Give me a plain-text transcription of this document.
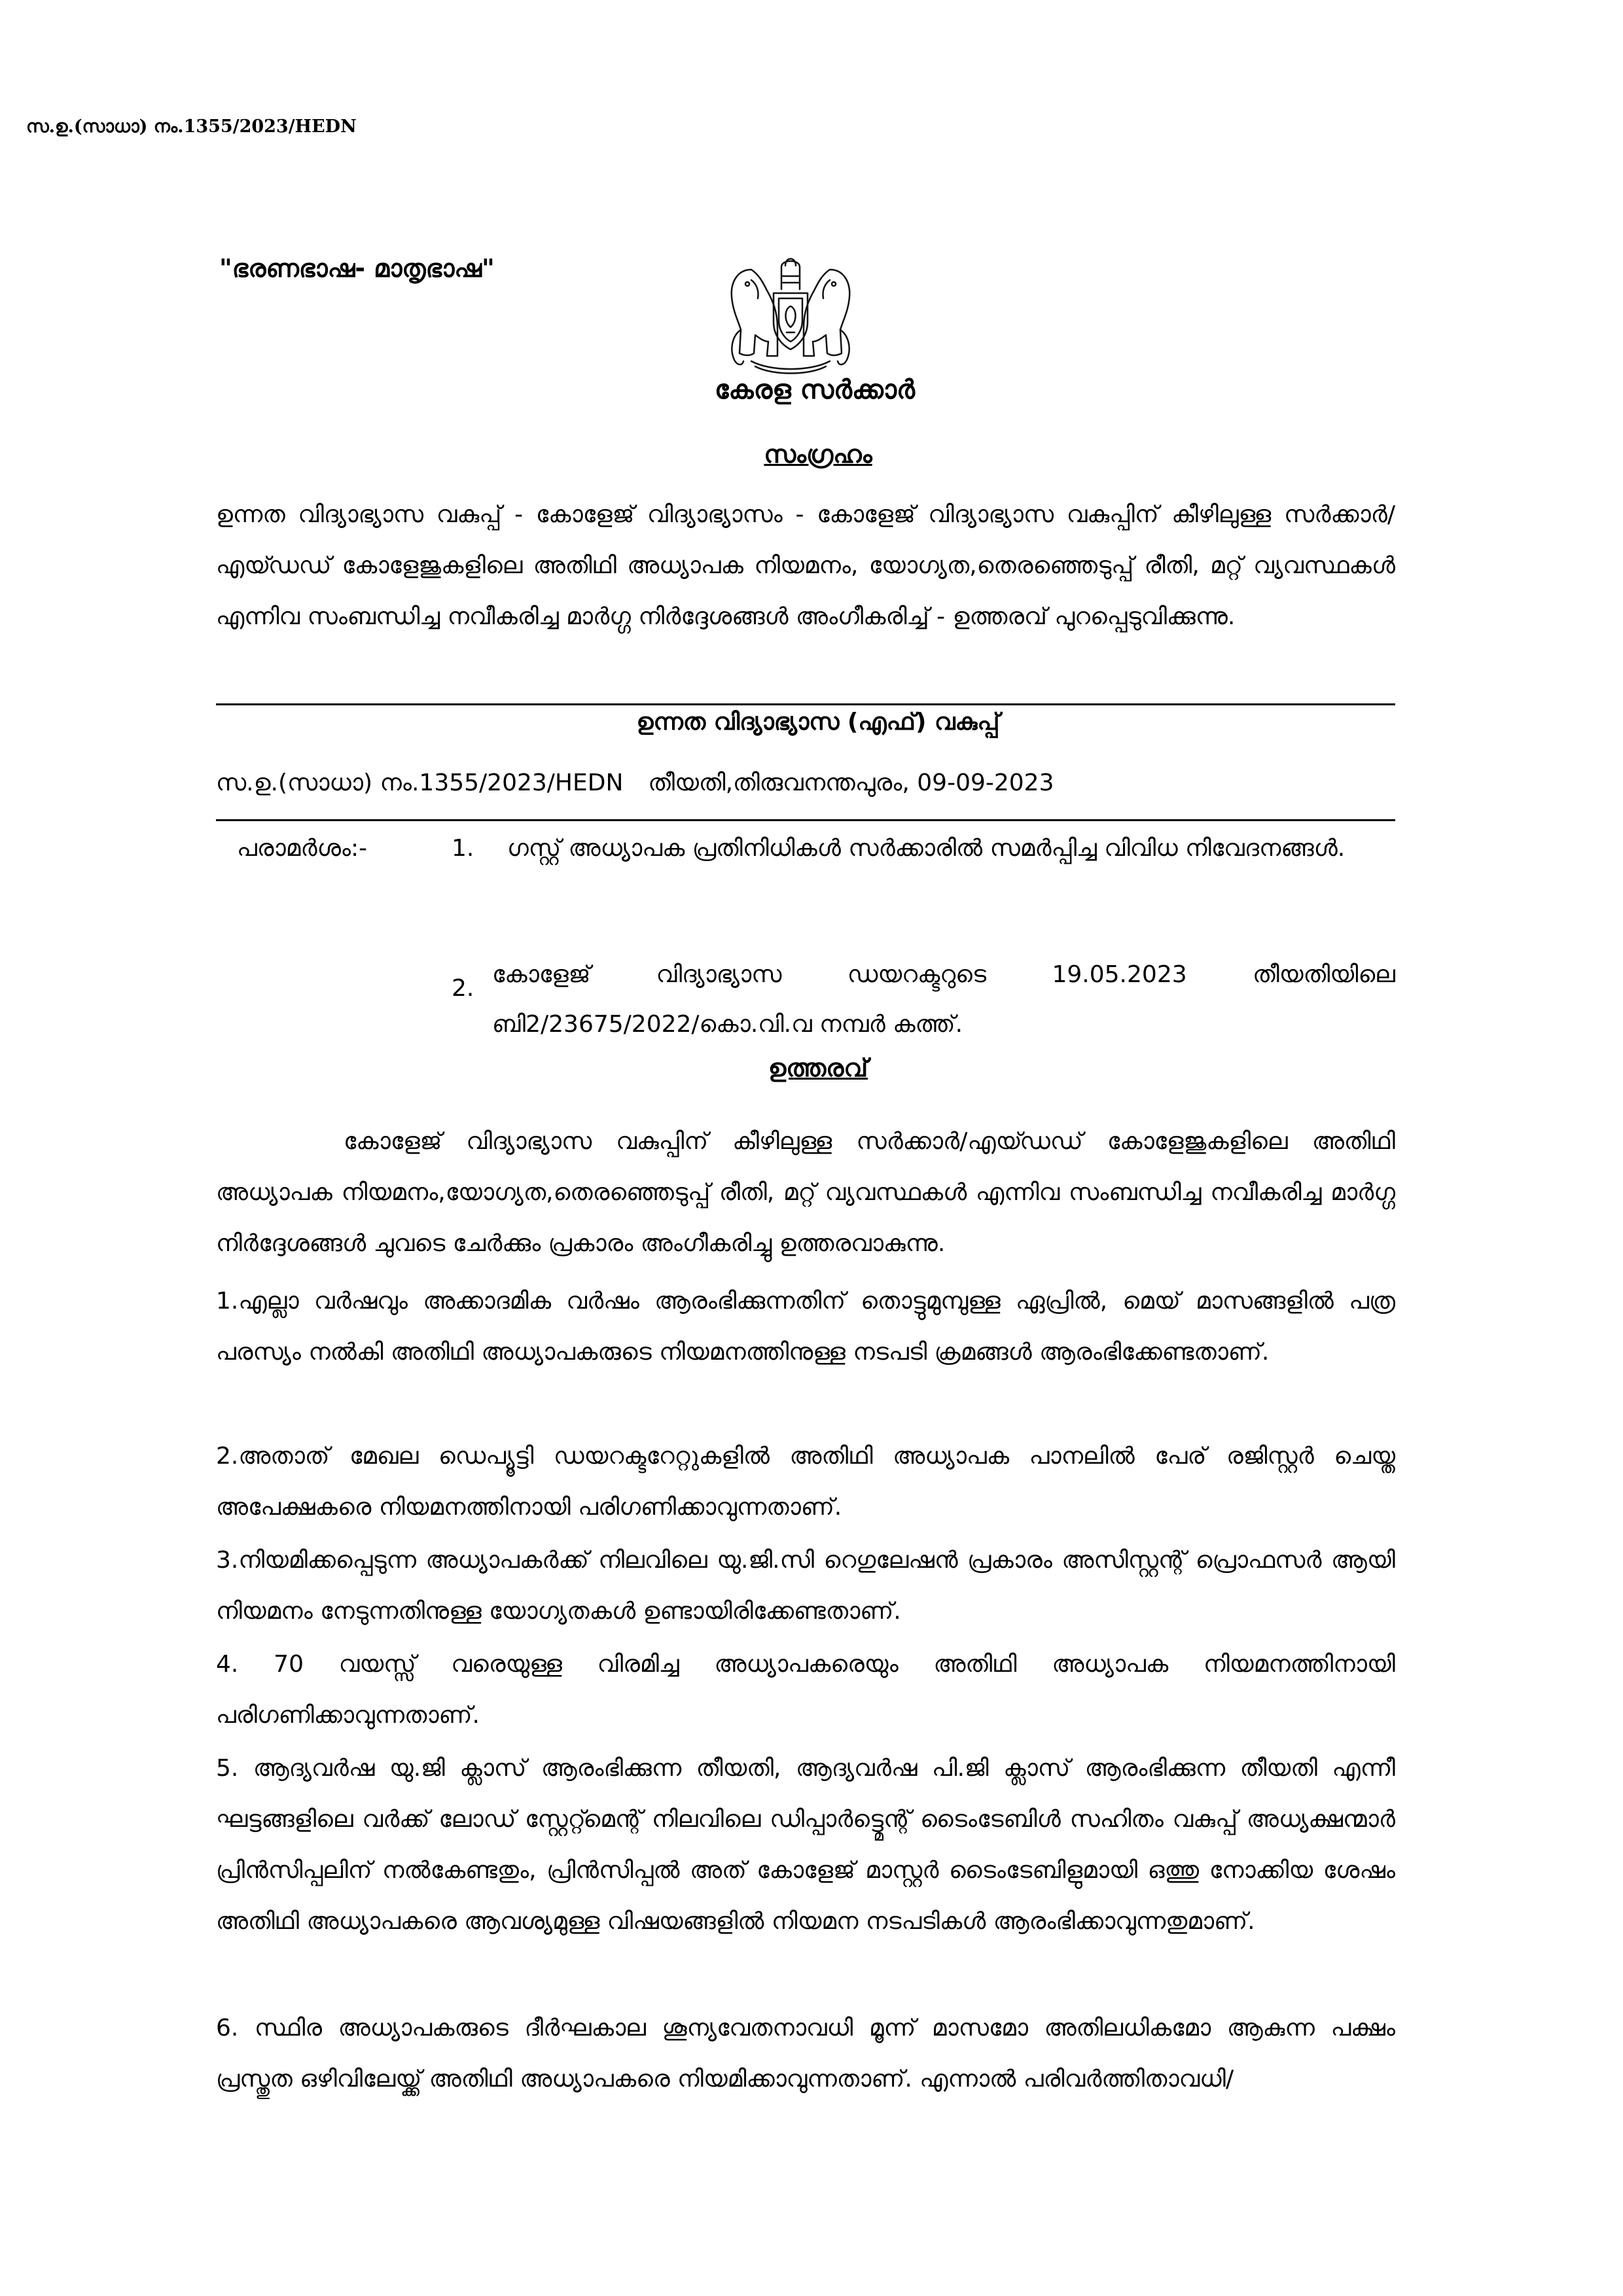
സ.ഉ.(സാധാ) നം.1355/2023/HEDN
"ഭരണഭാഷ- മാതൃഭാഷ"
കേരള സർക്കാർ
സംഗ്രഹം

ഉന്നത വിദ്യാഭ്യാസ വകുപ്പ് - കോളേജ് വിദ്യാഭ്യാസം - കോളേജ് വിദ്യാഭ്യാസ വകുപ്പിന് കീഴിലുള്ള സർക്കാർ/എയ്ഡഡ് കോളേജുകളിലെ അതിഥി അധ്യാപക നിയമനം, യോഗ്യത,തെരഞ്ഞെടുപ്പ് രീതി, മറ്റ് വ്യവസ്ഥകൾ എന്നിവ സംബന്ധിച്ച നവീകരിച്ച മാർഗ്ഗ നിർദ്ദേശങ്ങൾ അംഗീകരിച്ച് - ഉത്തരവ് പുറപ്പെടുവിക്കുന്നു.

ഉന്നത വിദ്യാഭ്യാസ (എഫ്) വകുപ്പ്
സ.ഉ.(സാധാ) നം.1355/2023/HEDN തീയതി,തിരുവനന്തപുരം, 09-09-2023
പരാമർശം:-	1. ഗസ്റ്റ് അധ്യാപക പ്രതിനിധികൾ സർക്കാരിൽ സമർപ്പിച്ച വിവിധ നിവേദനങ്ങൾ.
2.
കോളേജ്	വിദ്യാഭ്യാസ	ഡയറക്ടറുടെ	19.05.2023	തീയതിയിലെ
ബി2/23675/2022/കൊ.വി.വ നമ്പർ കത്ത്.
ഉത്തരവ്

കോളേജ് വിദ്യാഭ്യാസ വകുപ്പിന് കീഴിലുള്ള സർക്കാർ/എയ്ഡഡ് കോളേജുകളിലെ അതിഥി അധ്യാപക നിയമനം,യോഗ്യത,തെരഞ്ഞെടുപ്പ് രീതി, മറ്റ് വ്യവസ്ഥകൾ എന്നിവ സംബന്ധിച്ച നവീകരിച്ച മാർഗ്ഗ നിർദ്ദേശങ്ങൾ ചുവടെ ചേർക്കും പ്രകാരം അംഗീകരിച്ചു ഉത്തരവാകുന്നു.

1.എല്ലാ വർഷവും അക്കാദമിക വർഷം ആരംഭിക്കുന്നതിന് തൊട്ടുമുമ്പുള്ള ഏപ്രിൽ, മെയ് മാസങ്ങളിൽ പത്ര പരസ്യം നൽകി അതിഥി അധ്യാപകരുടെ നിയമനത്തിനുള്ള നടപടി ക്രമങ്ങൾ ആരംഭിക്കേണ്ടതാണ്.

2.അതാത് മേഖല ഡെപ്യൂട്ടി ഡയറക്ടറേറ്റുകളിൽ അതിഥി അധ്യാപക പാനലിൽ പേര് രജിസ്റ്റർ ചെയ്ത അപേക്ഷകരെ നിയമനത്തിനായി പരിഗണിക്കാവുന്നതാണ്.

3.നിയമിക്കപ്പെടുന്ന അധ്യാപകർക്ക് നിലവിലെ യു.ജി.സി റെഗുലേഷൻ പ്രകാരം അസിസ്റ്റന്റ് പ്രൊഫസർ ആയി നിയമനം നേടുന്നതിനുള്ള യോഗ്യതകൾ ഉണ്ടായിരിക്കേണ്ടതാണ്.

4. 70 വയസ്സ് വരെയുള്ള വിരമിച്ച അധ്യാപകരെയും അതിഥി അധ്യാപക നിയമനത്തിനായി പരിഗണിക്കാവുന്നതാണ്.

5. ആദ്യവർഷ യു.ജി ക്ലാസ് ആരംഭിക്കുന്ന തീയതി, ആദ്യവർഷ പി.ജി ക്ലാസ് ആരംഭിക്കുന്ന തീയതി എന്നീ ഘട്ടങ്ങളിലെ വർക്ക് ലോഡ് സ്റ്റേറ്റ്മെന്റ് നിലവിലെ ഡിപ്പാർട്ട്മെന്റ് ടൈംടേബിൾ സഹിതം വകുപ്പ് അധ്യക്ഷന്മാർ പ്രിൻസിപ്പലിന് നൽകേണ്ടതും, പ്രിൻസിപ്പൽ അത് കോളേജ് മാസ്റ്റർ ടൈംടേബിളുമായി ഒത്തു നോക്കിയ ശേഷം അതിഥി അധ്യാപകരെ ആവശ്യമുള്ള വിഷയങ്ങളിൽ നിയമന നടപടികൾ ആരംഭിക്കാവുന്നതുമാണ്.

6. സ്ഥിര അധ്യാപകരുടെ ദീർഘകാല ശൂന്യവേതനാവധി മൂന്ന് മാസമോ അതിലധികമോ ആകുന്ന പക്ഷം പ്രസ്തുത ഒഴിവിലേയ്ക്ക് അതിഥി അധ്യാപകരെ നിയമിക്കാവുന്നതാണ്. എന്നാൽ പരിവർത്തിതാവധി/
